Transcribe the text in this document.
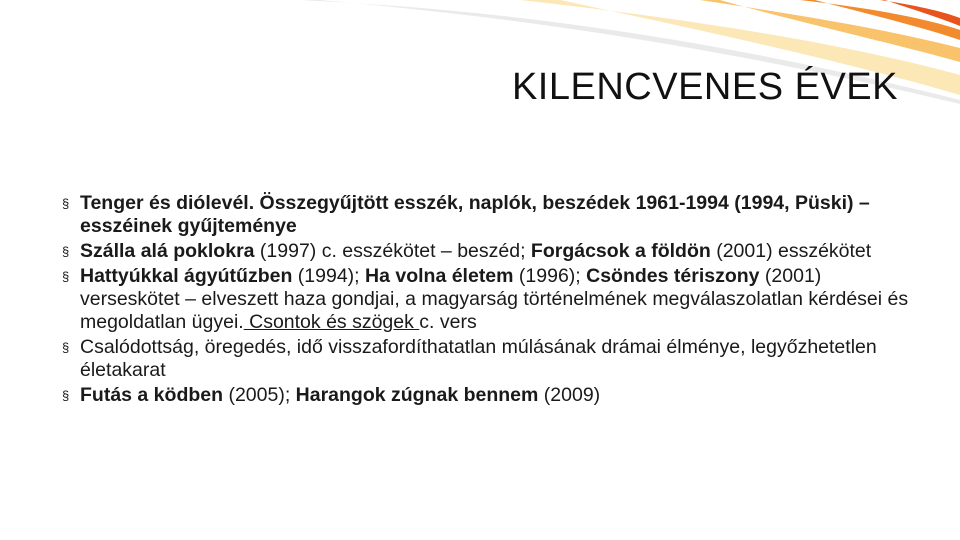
KILENCVENES ÉVEK
§ Tenger és diólevél. Összegyűjtött esszék, naplók, beszédek 1961-1994 (1994, Püski) – esszéinek gyűjteménye
§ Szálla alá poklokra (1997) c. esszékötet – beszéd; Forgácsok a földön (2001) esszékötet
§ Hattyúkkal ágyútűzben (1994); Ha volna életem (1996); Csöndes tériszony (2001) verseskötet – elveszett haza gondjai, a magyarság történelmének megválaszolatlan kérdései és megoldatlan ügyei. Csontok és szögek c. vers
§ Csalódottság, öregedés, idő visszafordíthatatlan múlásának drámai élménye, legyőzhetetlen életakarat
§ Futás a ködben (2005); Harangok zúgnak bennem (2009)
